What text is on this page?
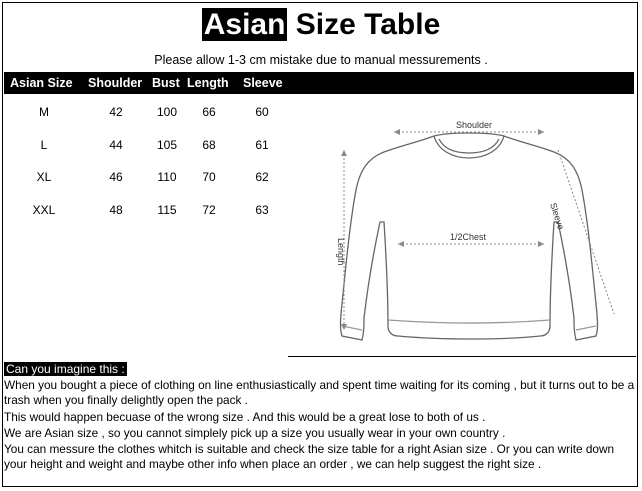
Asian Size Table
Please allow 1-3 cm mistake due to manual messurements .
Asian Size Shoulder Bust Length Sleeve
M	42	100	66	60
L	44	105	68	61
XL	46	110	70	62
XXL	48	115	72	63
Shoulder
1/2Chest
Length
Sleeve
Can you imagine this :
When you bought a piece of clothing on line enthusiastically and spent time waiting for its coming , but it turns out to be a trash when you finally delightly open the pack .
This would happen becuase of the wrong size . And this would be a great lose to both of us .
We are Asian size , so you cannot simplely pick up a size you usually wear in your own country .
You can messure the clothes whitch is suitable and check the size table for a right Asian size . Or you can write down your height and weight and maybe other info when place an order , we can help suggest the right size .
